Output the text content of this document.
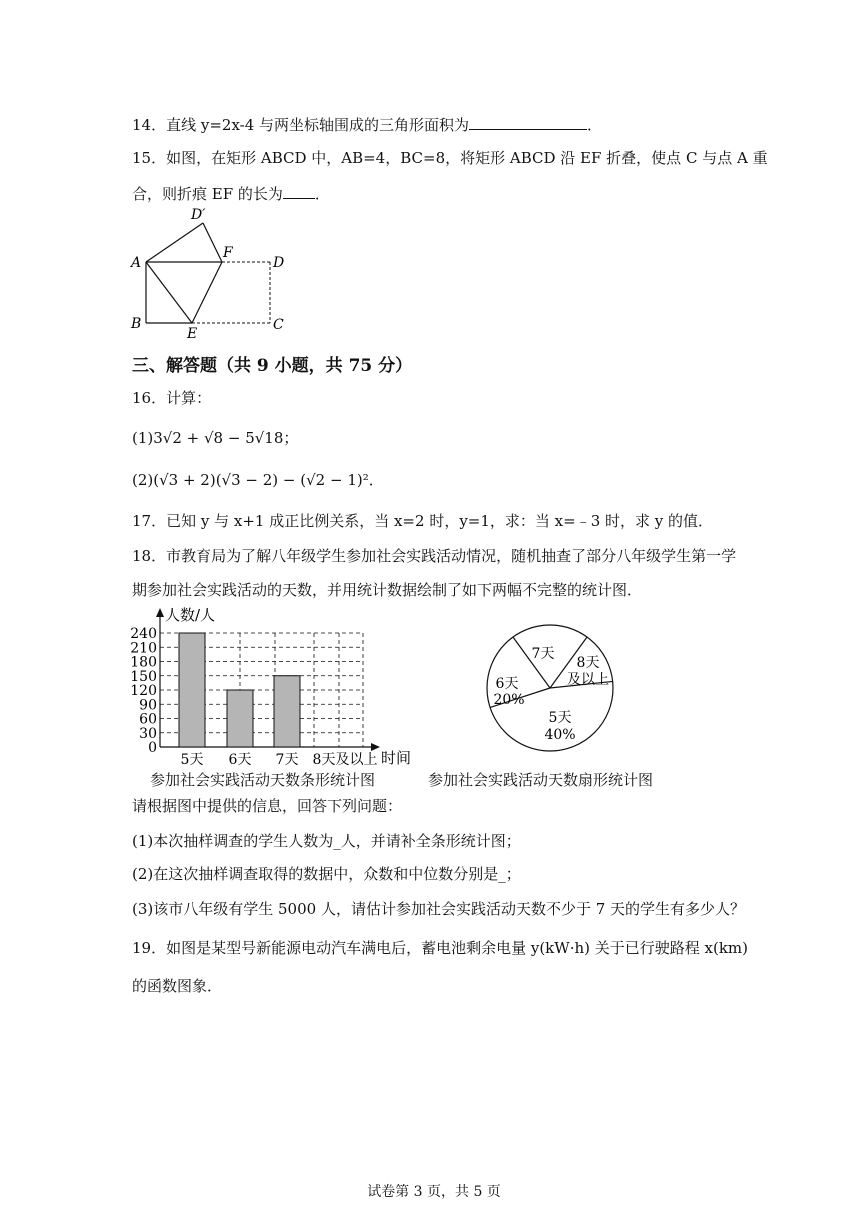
14．直线 y=2x-4 与两坐标轴围成的三角形面积为	．
15．如图，在矩形 ABCD 中，AB=4，BC=8，将矩形 ABCD 沿 EF 折叠，使点 C 与点 A 重
合，则折痕 EF 的长为 ．
A
B	C
D
D′
E
F
三、解答题（共 9 小题，共 75 分）
16．计算：
(1)3√2 + √8 − 5√18；
(2)(√3 + 2)(√3 − 2) − (√2 − 1)²．
17．已知 y 与 x+1 成正比例关系，当 x=2 时，y=1，求：当 x=﹣3 时，求 y 的值．
18．市教育局为了解八年级学生参加社会实践活动情况，随机抽查了部分八年级学生第一学
期参加社会实践活动的天数，并用统计数据绘制了如下两幅不完整的统计图．
0
30
60
90
120
150
180
210
240
人数/人
时间
5天 6天 7天 8天及以上
5天
40%
6天
20%
7天
8天
及以上
参加社会实践活动天数条形统计图	参加社会实践活动天数扇形统计图
请根据图中提供的信息，回答下列问题：
(1)本次抽样调查的学生人数为_人，并请补全条形统计图；
(2)在这次抽样调查取得的数据中，众数和中位数分别是_；
(3)该市八年级有学生 5000 人，请估计参加社会实践活动天数不少于 7 天的学生有多少人？
19．如图是某型号新能源电动汽车满电后，蓄电池剩余电量 y(kW·h) 关于已行驶路程 x(km)
的函数图象．
试卷第 3 页，共 5 页
